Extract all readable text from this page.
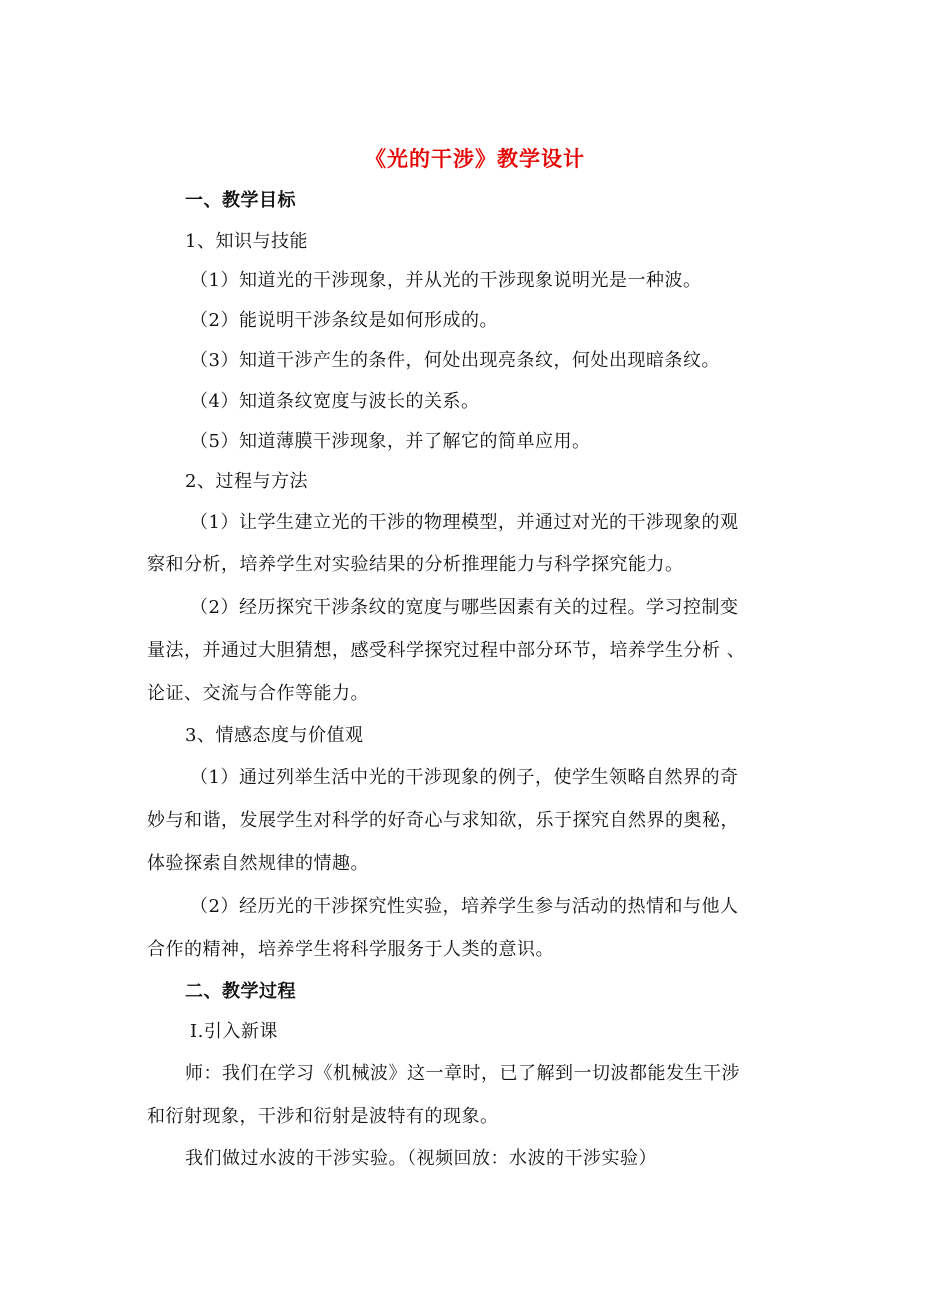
《光的干涉》教学设计
一、教学目标
1、知识与技能
（1）知道光的干涉现象，并从光的干涉现象说明光是一种波。
（2）能说明干涉条纹是如何形成的。
（3）知道干涉产生的条件，何处出现亮条纹，何处出现暗条纹。
（4）知道条纹宽度与波长的关系。
（5）知道薄膜干涉现象，并了解它的简单应用。
2、过程与方法
（1）让学生建立光的干涉的物理模型，并通过对光的干涉现象的观
察和分析，培养学生对实验结果的分析推理能力与科学探究能力。
（2）经历探究干涉条纹的宽度与哪些因素有关的过程。学习控制变
量法，并通过大胆猜想，感受科学探究过程中部分环节，培养学生分析 、
论证、交流与合作等能力。
3、情感态度与价值观
（1）通过列举生活中光的干涉现象的例子，使学生领略自然界的奇
妙与和谐，发展学生对科学的好奇心与求知欲，乐于探究自然界的奥秘，
体验探索自然规律的情趣。
（2）经历光的干涉探究性实验，培养学生参与活动的热情和与他人
合作的精神，培养学生将科学服务于人类的意识。
二、教学过程
Ⅰ.引入新课
师：我们在学习《机械波》这一章时，已了解到一切波都能发生干涉
和衍射现象，干涉和衍射是波特有的现象。
我们做过水波的干涉实验。（视频回放：水波的干涉实验）
